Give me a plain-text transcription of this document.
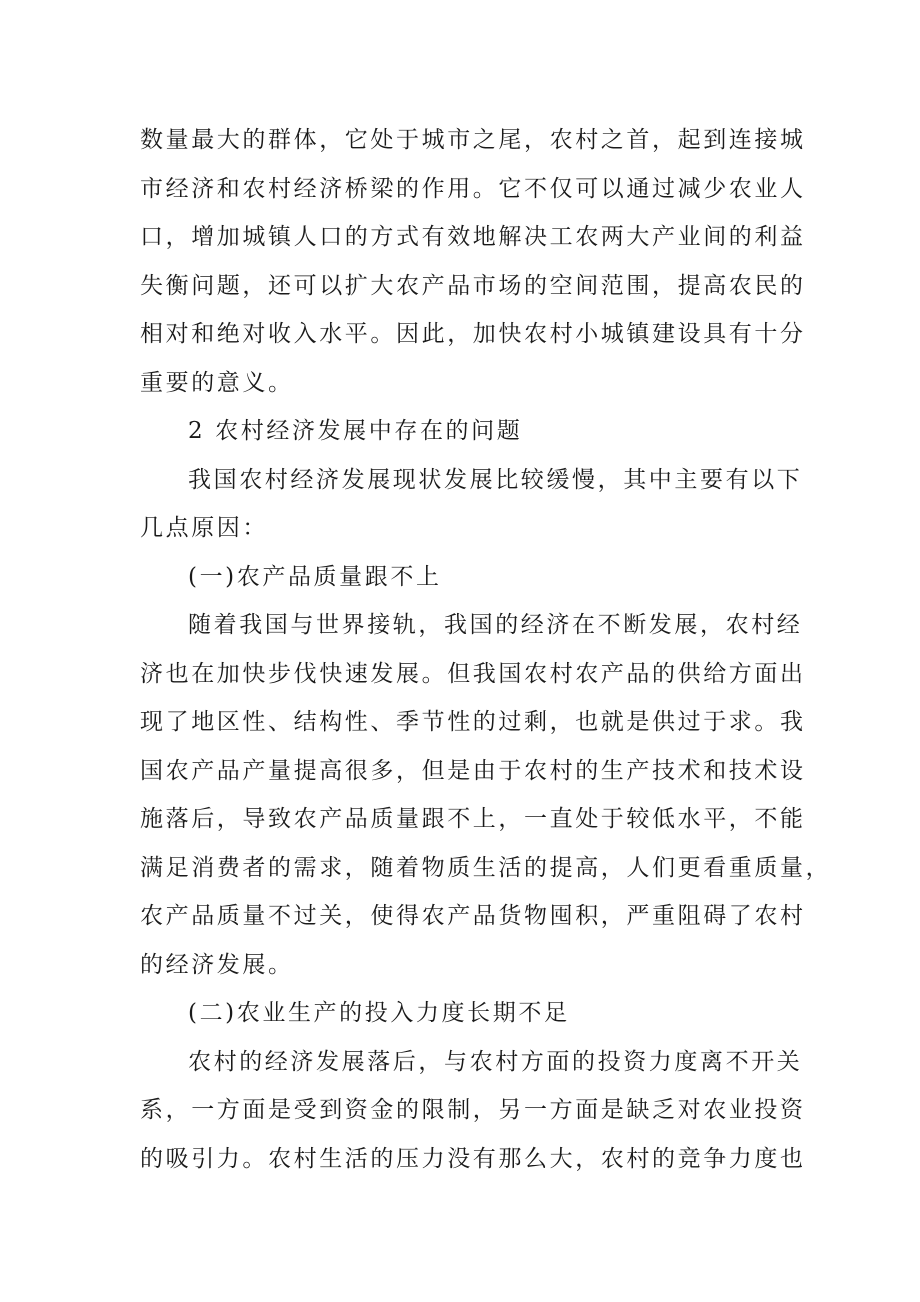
数量最大的群体，它处于城市之尾，农村之首，起到连接城
市经济和农村经济桥梁的作用。它不仅可以通过减少农业人
口，增加城镇人口的方式有效地解决工农两大产业间的利益
失衡问题，还可以扩大农产品市场的空间范围，提高农民的
相对和绝对收入水平。因此，加快农村小城镇建设具有十分
重要的意义。
2 农村经济发展中存在的问题
我国农村经济发展现状发展比较缓慢，其中主要有以下
几点原因：
(一)农产品质量跟不上
随着我国与世界接轨，我国的经济在不断发展，农村经
济也在加快步伐快速发展。但我国农村农产品的供给方面出
现了地区性、结构性、季节性的过剩，也就是供过于求。我
国农产品产量提高很多，但是由于农村的生产技术和技术设
施落后，导致农产品质量跟不上，一直处于较低水平，不能
满足消费者的需求，随着物质生活的提高，人们更看重质量，
农产品质量不过关，使得农产品货物囤积，严重阻碍了农村
的经济发展。
(二)农业生产的投入力度长期不足
农村的经济发展落后，与农村方面的投资力度离不开关
系，一方面是受到资金的限制，另一方面是缺乏对农业投资
的吸引力。农村生活的压力没有那么大，农村的竞争力度也
